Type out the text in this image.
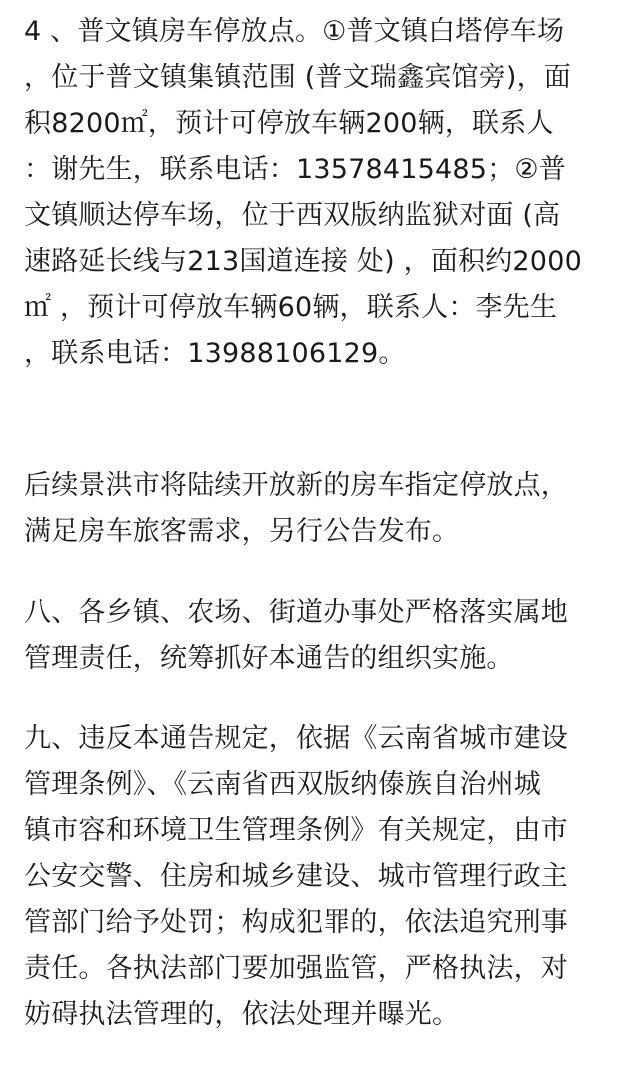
4 、普文镇房车停放点。①普文镇白塔停车场
，位于普文镇集镇范围 (普文瑞鑫宾馆旁)，面
积8200㎡，预计可停放车辆200辆，联系人
：谢先生，联系电话：13578415485；②普
文镇顺达停车场，位于西双版纳监狱对面 (高
速路延长线与213国道连接 处) ，面积约2000
㎡ ，预计可停放车辆60辆，联系人：李先生
，联系电话：13988106129。
后续景洪市将陆续开放新的房车指定停放点，
满足房车旅客需求，另行公告发布。
八、各乡镇、农场、街道办事处严格落实属地
管理责任，统筹抓好本通告的组织实施。
九、违反本通告规定，依据《云南省城市建设
管理条例》、《云南省西双版纳傣族自治州城
镇市容和环境卫生管理条例》有关规定，由市
公安交警、住房和城乡建设、城市管理行政主
管部门给予处罚；构成犯罪的，依法追究刑事
责任。各执法部门要加强监管，严格执法，对
妨碍执法管理的，依法处理并曝光。
